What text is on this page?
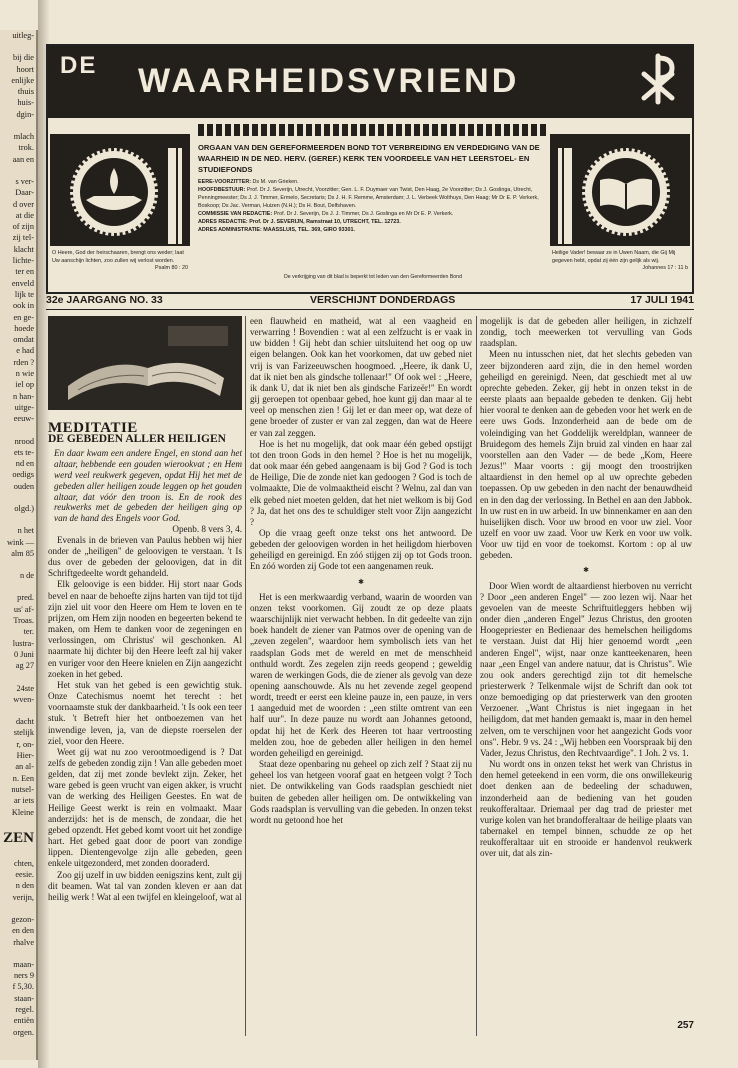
uitleg-
bij die
hoort
enlijke
thuis
huis-
dgin-
mlach
trok.
aan en
s ver-
Daar-
d over
at die
of zijn
zij tel-
klacht
lichte-
ter en
enveld
lijk te
ook in
en ge-
hoede
omdat
e had
rden ?
n wie
iel op
n han-
uitge-
eeuw-
nrood
ets te-
nd en
oedigs
ouden
olgd.)
n het
wink —
alm 85
n de
pred.
us' af-
Troas.
ter.
lustra-
0 Juni
ag 27
24ste
wven-
dacht
stelijk
r, on-
Hier-
an al-
n. Een
nutsel-
ar iets
Kleine
ZEN
chten,
eesie.
n den
verijn,
gezon-
en den
rhalve
maan-
ners 9
f 5,30.
staan-
regel.
entiën
orgen.
DE WAARHEIDSVRIEND
ORGAAN VAN DEN GEREFORMEERDEN BOND TOT VERBREIDING EN VERDEDIGING VAN DE WAARHEID IN DE NED. HERV. (GEREF.) KERK TEN VOORDEELE VAN HET LEERSTOEL- EN STUDIEFONDS
EERE-VOORZITTER: Ds M. van Grieken.
HOOFDBESTUUR: Prof. Dr J. Severijn, Utrecht, Voorzitter; Gen. L. F. Duymaer van Twist, Den Haag, 2e Voorzitter; Ds J. Goslinga, Utrecht, Penningmeester; Ds J. J. Timmer, Ermelo, Secretaris; Ds J. H. F. Remme, Amsterdam; J. L. Verbeek Wolthuys, Den Haag; Mr Dr E. P. Verkerk, Boskoop; Ds Jac. Verman, Huizen (N.H.); Ds H. Bout, Delfshaven.
COMMISSIE VAN REDACTIE: Prof. Dr J. Severijn, Ds J. J. Timmer, Ds J. Goslinga en Mr Dr E. P. Verkerk.
ADRES REDACTIE: Prof. Dr J. SEVERIJN, Ramstraat 10, UTRECHT, TEL. 12723.
ADRES ADMINISTRATIE: MAASSLUIS, TEL. 369, GIRO 93301.
O Heere, God der heirschaaren, brengt ons weder; laat Uw aanschijn lichten, zoo zullen wij verlost worden.
Psalm 80 : 20
Heilige Vader! bewaar ze in Uwen Naam, die Gij Mij gegeven hebt, opdat zij één zijn gelijk als wij.
Johannes 17 : 11 b
De verkrijging van dit blad is beperkt tot leden van den Gereformeerden Bond
32e JAARGANG NO. 33	VERSCHIJNT DONDERDAGS	17 JULI 1941
MEDITATIE
DE GEBEDEN ALLER HEILIGEN
En daar kwam een andere Engel, en stond aan het altaar, hebbende een gouden wierookvat ; en Hem werd veel reukwerk gegeven, opdat Hij het met de gebeden aller heiligen zoude leggen op het gouden altaar, dat vóór den troon is. En de rook des reukwerks met de gebeden der heiligen ging op van de hand des Engels voor God.
Openb. 8 vers 3, 4.

Evenals in de brieven van Paulus hebben wij hier onder de „heiligen" de geloovigen te verstaan. 't Is dus over de gebeden der geloovigen, dat in dit Schriftgedeelte wordt gehandeld.

Elk geloovige is een bidder. Hij stort naar Gods bevel en naar de behoefte zijns harten van tijd tot tijd zijn ziel uit voor den Heere om Hem te loven en te prijzen, om Hem zijn nooden en begeerten bekend te maken, om Hem te danken voor de zegeningen en verlossingen, om Christus' wil geschonken. Al naarmate hij dichter bij den Heere leeft zal hij vaker en vuriger voor den Heere knielen en Zijn aangezicht zoeken in het gebed.

Het stuk van het gebed is een gewichtig stuk. Onze Catechismus noemt het terecht : het voornaamste stuk der dankbaarheid. 't Is ook een teer stuk. 't Betreft hier het ontboezemen van het inwendige leven, ja, van de diepste roerselen der ziel, voor den Heere.

Weet gij wat nu zoo verootmoedigend is ? Dat zelfs de gebeden zondig zijn ! Van alle gebeden moet gelden, dat zij met zonde bevlekt zijn. Zeker, het ware gebed is geen vrucht van eigen akker, is vrucht van de werking des Heiligen Geestes. En wat de Heilige Geest werkt is rein en volmaakt. Maar anderzijds: het is de mensch, de zondaar, die het gebed opzendt. Het gebed komt voort uit het zondige hart. Het gebed gaat door de poort van zondige lippen. Dientengevolge zijn alle gebeden, geen enkele uitgezonderd, met zonden dooraderd.

Zoo gij uzelf in uw bidden eenigszins kent, zult gij dit beamen. Wat tal van zonden kleven er aan dat heilig werk ! Wat al een twijfel en kleingeloof, wat al

een flauwheid en matheid, wat al een vaagheid en verwarring ! Bovendien : wat al een zelfzucht is er vaak in uw bidden ! Gij hebt dan schier uitsluitend het oog op uw eigen belangen. Ook kan het voorkomen, dat uw gebed niet vrij is van Farizeeuwschen hoogmoed. „Heere, ik dank U, dat ik niet ben als gindsche tollenaar!" Of ook wel : „Heere, ik dank U, dat ik niet ben als gindsche Farizeër!" En wordt gij geroepen tot openbaar gebed, hoe kunt gij dan maar al te veel op menschen zien ! Gij let er dan meer op, wat deze of gene broeder of zuster er van zal zeggen, dan wat de Heere er van zal zeggen.

Hoe is het nu mogelijk, dat ook maar één gebed opstijgt tot den troon Gods in den hemel ? Hoe is het nu mogelijk, dat ook maar één gebed aangenaam is bij God ? God is toch de Heilige, Die de zonde niet kan gedoogen ? God is toch de volmaakte, Die de volmaaktheid eischt ? Welnu, zal dan van elk gebed niet moeten gelden, dat het niet welkom is bij God ? Ja, dat het ons des te schuldiger stelt voor Zijn aangezicht ?

Op die vraag geeft onze tekst ons het antwoord. De gebeden der geloovigen worden in het heiligdom hierboven geheiligd en gereinigd. En zóó stijgen zij op tot Gods troon. En zóó worden zij Gode tot een aangenamen reuk.

✱

Het is een merkwaardig verband, waarin de woorden van onzen tekst voorkomen. Gij zoudt ze op deze plaats waarschijnlijk niet verwacht hebben. In dit gedeelte van zijn boek handelt de ziener van Patmos over de opening van de „zeven zegelen", waardoor hem symbolisch iets van het raadsplan Gods met de wereld en met de menschheid onthuld wordt. Zes zegelen zijn reeds geopend ; geweldig waren de werkingen Gods, die de ziener als gevolg van deze opening aanschouwde. Als nu het zevende zegel geopend wordt, treedt er eerst een kleine pauze in, een pauze, in vers 1 aangeduid met de woorden : „een stilte omtrent van een half uur". In deze pauze nu wordt aan Johannes getoond, opdat hij het de Kerk des Heeren tot haar vertroosting melden zou, hoe de gebeden aller heiligen in den hemel worden geheiligd en gereinigd.

Staat deze openbaring nu geheel op zich zelf ? Staat zij nu geheel los van hetgeen vooraf gaat en hetgeen volgt ? Toch niet. De ontwikkeling van Gods raadsplan geschiedt niet buiten de gebeden aller heiligen om. De ontwikkeling van Gods raadsplan is vervulling van die gebeden. In onzen tekst wordt nu getoond hoe het

mogelijk is dat de gebeden aller heiligen, in zichzelf zondig, toch meewerken tot vervulling van Gods raadsplan.

Meen nu intusschen niet, dat het slechts gebeden van zeer bijzonderen aard zijn, die in den hemel worden geheiligd en gereinigd. Neen, dat geschiedt met al uw oprechte gebeden. Zeker, gij hebt in onzen tekst in de eerste plaats aan bepaalde gebeden te denken. Gij hebt hier vooral te denken aan de gebeden voor het werk en de eere uws Gods. Inzonderheid aan de bede om de voleindiging van het Goddelijk wereldplan, wanneer de Bruidegom des hemels Zijn bruid zal vinden en haar zal voorstellen aan den Vader — de bede „Kom, Heere Jezus!" Maar voorts : gij moogt den troostrijken altaardienst in den hemel op al uw oprechte gebeden toepassen. Op uw gebeden in den nacht der benauwdheid en in den dag der verlossing. In Bethel en aan den Jabbok. In uw rust en in uw arbeid. In uw binnenkamer en aan den huiselijken disch. Voor uw brood en voor uw ziel. Voor uzelf en voor uw zaad. Voor uw Kerk en voor uw volk. Voor uw tijd en voor de toekomst. Kortom : op al uw gebeden.

✱

Door Wien wordt de altaardienst hierboven nu verricht ? Door „een anderen Engel" — zoo lezen wij. Naar het gevoelen van de meeste Schriftuitleggers hebben wij onder dien „anderen Engel" Jezus Christus, den grooten Hoogepriester en Bedienaar des hemelschen heiligdoms te verstaan. Juist dat Hij hier genoemd wordt „een anderen Engel", wijst, naar onze kantteekenaren, heen naar „een Engel van andere natuur, dat is Christus". Wie zou ook anders gerechtigd zijn tot dit hemelsche priesterwerk ? Telkenmale wijst de Schrift dan ook tot onze bemoediging op dat priesterwerk van den grooten Verzoener. „Want Christus is niet ingegaan in het heiligdom, dat met handen gemaakt is, maar in den hemel zelven, om te verschijnen voor het aangezicht Gods voor ons". Hebr. 9 vs. 24 : „Wij hebben een Voorspraak bij den Vader, Jezus Christus, den Rechtvaardige". 1 Joh. 2 vs. 1.

Nu wordt ons in onzen tekst het werk van Christus in den hemel geteekend in een vorm, die ons onwillekeurig doet denken aan de bedeeling der schaduwen, inzonderheid aan de bediening van het gouden reukofferaltaar. Driemaal per dag trad de priester met vurige kolen van het brandofferaltaar de heilige plaats van tabernakel en tempel binnen, schudde ze op het reukofferaltaar uit en strooide er handenvol reukwerk over uit, dat als zin-

257
